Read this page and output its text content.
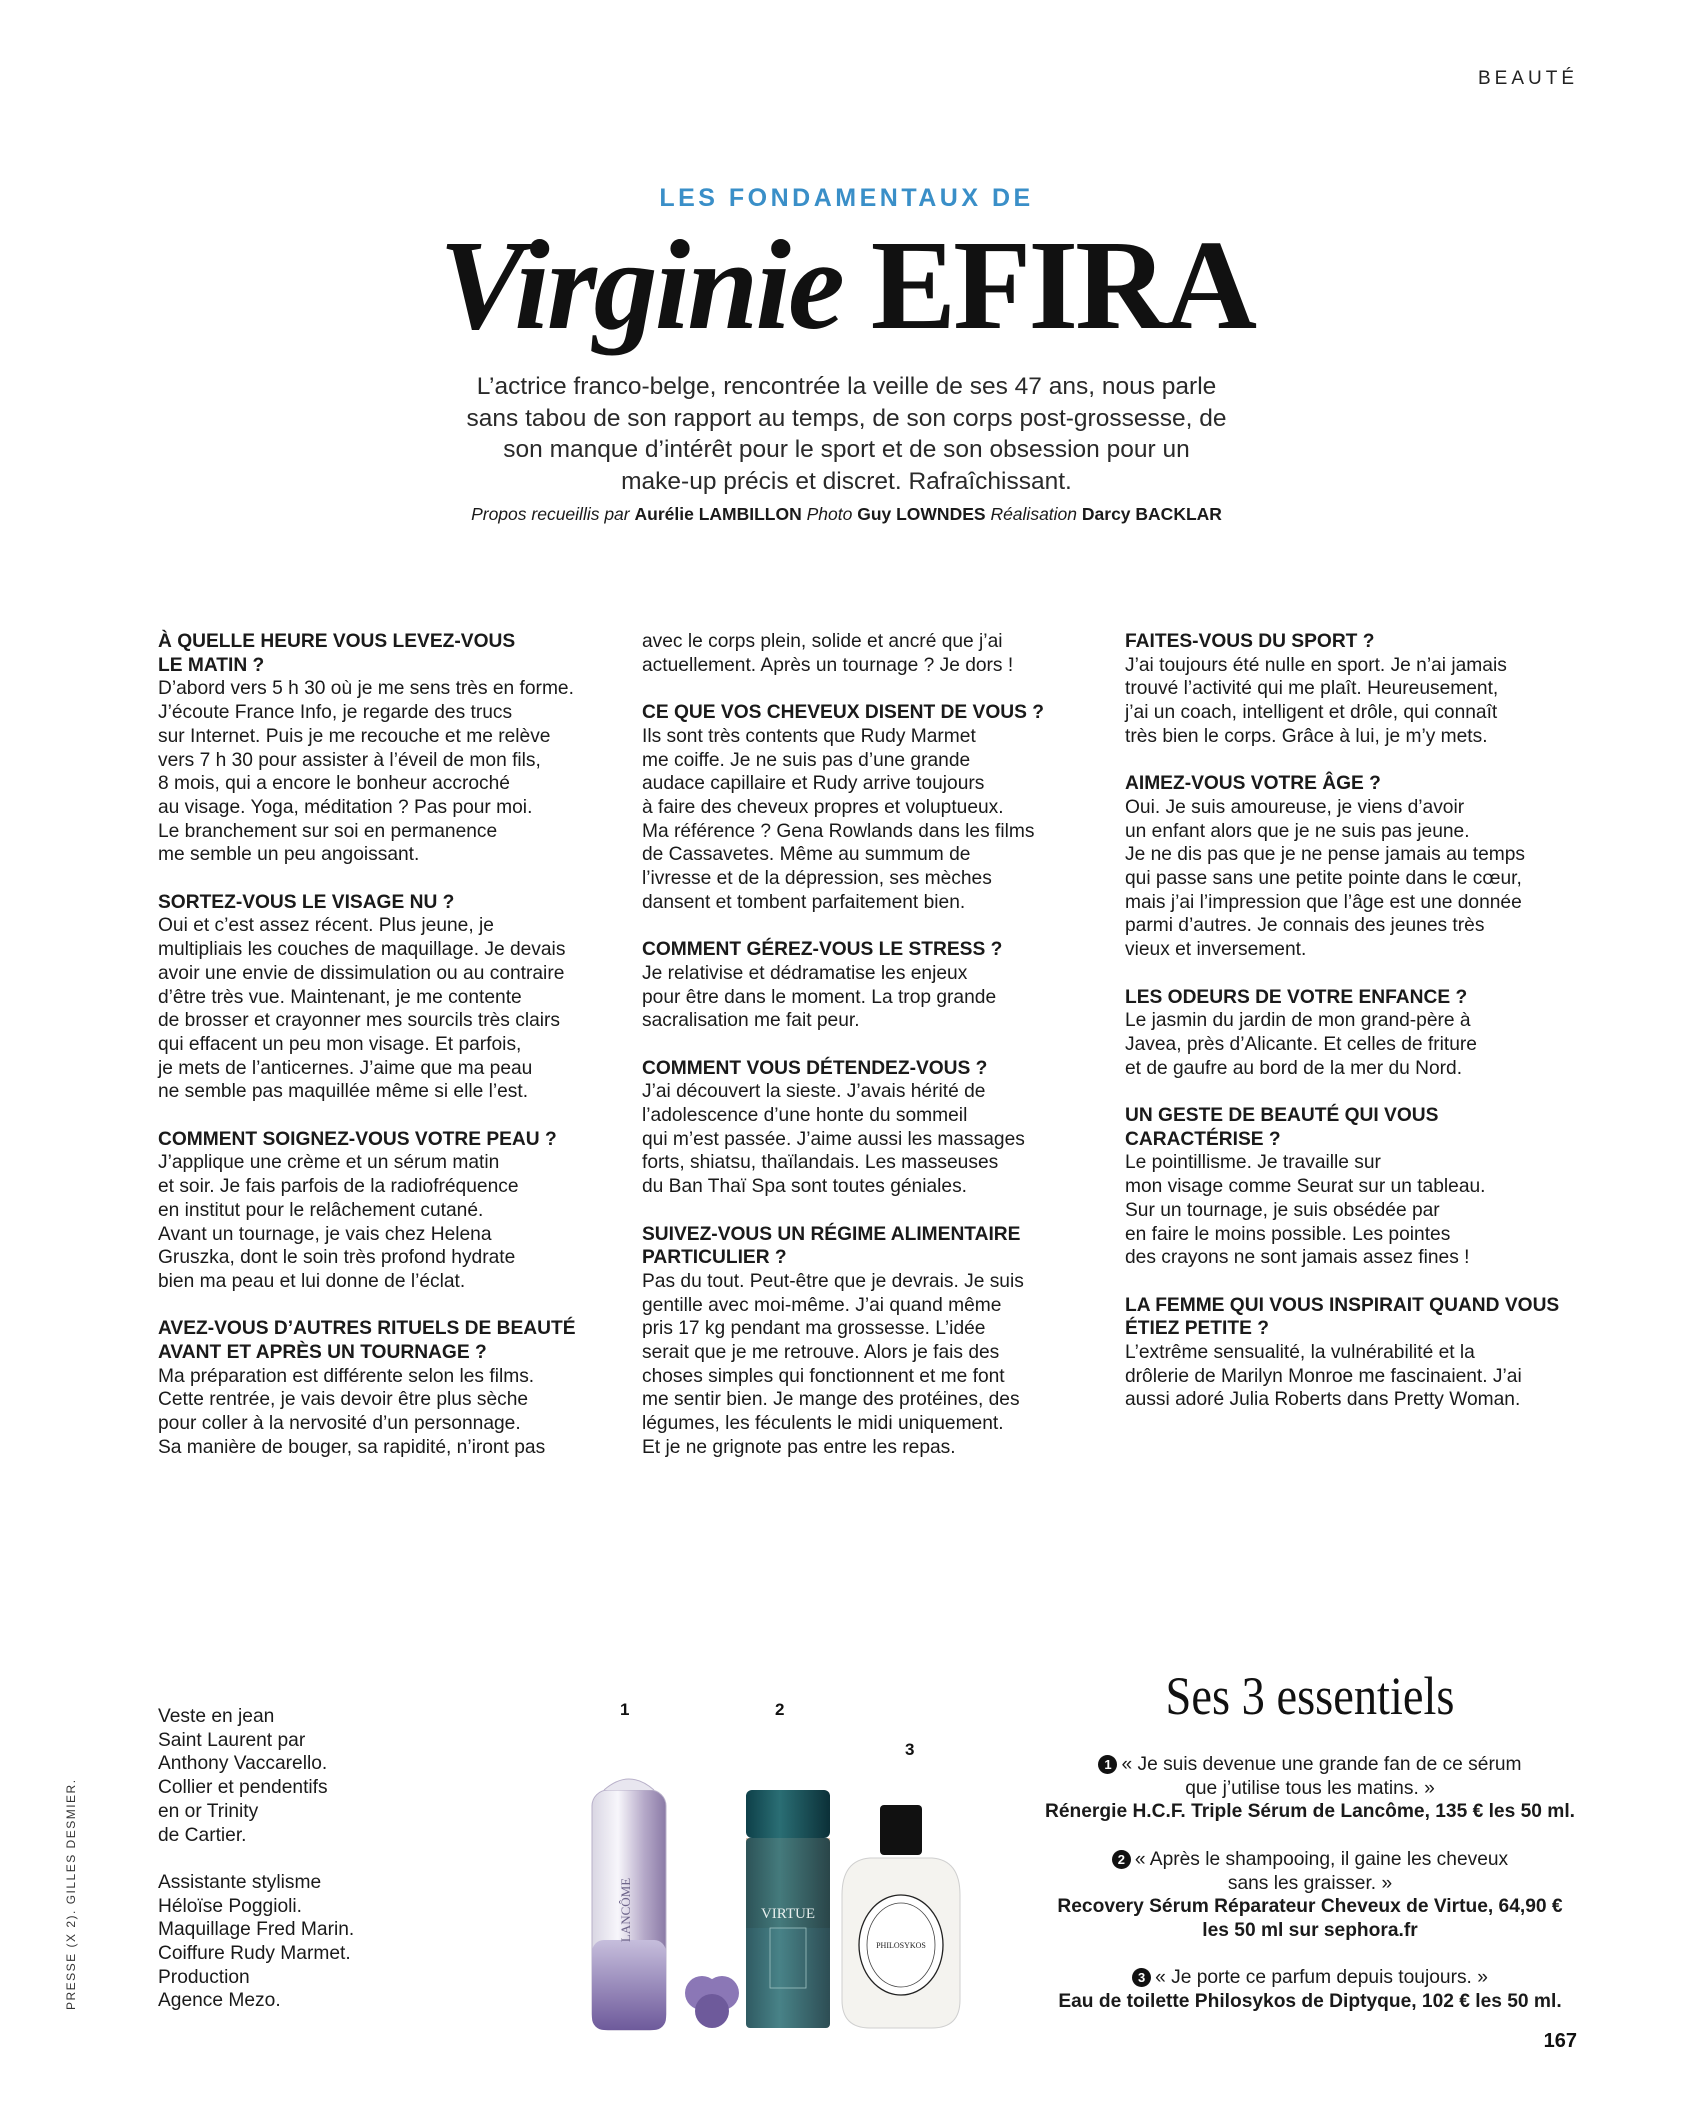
BEAUTÉ
LES FONDAMENTAUX DE
Virginie EFIRA

L’actrice franco-belge, rencontrée la veille de ses 47 ans, nous parle sans tabou de son rapport au temps, de son corps post-grossesse, de son manque d’intérêt pour le sport et de son obsession pour un make-up précis et discret. Rafraîchissant.

Propos recueillis par Aurélie LAMBILLON Photo Guy LOWNDES Réalisation Darcy BACKLAR
À QUELLE HEURE VOUS LEVEZ-VOUS
LE MATIN ?
D’abord vers 5 h 30 où je me sens très en forme.
J’écoute France Info, je regarde des trucs
sur Internet. Puis je me recouche et me relève
vers 7 h 30 pour assister à l’éveil de mon fils,
8 mois, qui a encore le bonheur accroché
au visage. Yoga, méditation ? Pas pour moi.
Le branchement sur soi en permanence
me semble un peu angoissant.
SORTEZ-VOUS LE VISAGE NU ?
Oui et c’est assez récent. Plus jeune, je
multipliais les couches de maquillage. Je devais
avoir une envie de dissimulation ou au contraire
d’être très vue. Maintenant, je me contente
de brosser et crayonner mes sourcils très clairs
qui effacent un peu mon visage. Et parfois,
je mets de l’anticernes. J’aime que ma peau
ne semble pas maquillée même si elle l’est.
COMMENT SOIGNEZ-VOUS VOTRE PEAU ?
J’applique une crème et un sérum matin
et soir. Je fais parfois de la radiofréquence
en institut pour le relâchement cutané.
Avant un tournage, je vais chez Helena
Gruszka, dont le soin très profond hydrate
bien ma peau et lui donne de l’éclat.
AVEZ-VOUS D’AUTRES RITUELS DE BEAUTÉ
AVANT ET APRÈS UN TOURNAGE ?
Ma préparation est différente selon les films.
Cette rentrée, je vais devoir être plus sèche
pour coller à la nervosité d’un personnage.
Sa manière de bouger, sa rapidité, n’iront pas
avec le corps plein, solide et ancré que j’ai
actuellement. Après un tournage ? Je dors !
CE QUE VOS CHEVEUX DISENT DE VOUS ?
Ils sont très contents que Rudy Marmet
me coiffe. Je ne suis pas d’une grande
audace capillaire et Rudy arrive toujours
à faire des cheveux propres et voluptueux.
Ma référence ? Gena Rowlands dans les films
de Cassavetes. Même au summum de
l’ivresse et de la dépression, ses mèches
dansent et tombent parfaitement bien.
COMMENT GÉREZ-VOUS LE STRESS ?
Je relativise et dédramatise les enjeux
pour être dans le moment. La trop grande
sacralisation me fait peur.
COMMENT VOUS DÉTENDEZ-VOUS ?
J’ai découvert la sieste. J’avais hérité de
l’adolescence d’une honte du sommeil
qui m’est passée. J’aime aussi les massages
forts, shiatsu, thaïlandais. Les masseuses
du Ban Thaï Spa sont toutes géniales.
SUIVEZ-VOUS UN RÉGIME ALIMENTAIRE
PARTICULIER ?
Pas du tout. Peut-être que je devrais. Je suis
gentille avec moi-même. J’ai quand même
pris 17 kg pendant ma grossesse. L’idée
serait que je me retrouve. Alors je fais des
choses simples qui fonctionnent et me font
me sentir bien. Je mange des protéines, des
légumes, les féculents le midi uniquement.
Et je ne grignote pas entre les repas.
FAITES-VOUS DU SPORT ?
J’ai toujours été nulle en sport. Je n’ai jamais
trouvé l’activité qui me plaît. Heureusement,
j’ai un coach, intelligent et drôle, qui connaît
très bien le corps. Grâce à lui, je m’y mets.
AIMEZ-VOUS VOTRE ÂGE ?
Oui. Je suis amoureuse, je viens d’avoir
un enfant alors que je ne suis pas jeune.
Je ne dis pas que je ne pense jamais au temps
qui passe sans une petite pointe dans le cœur,
mais j’ai l’impression que l’âge est une donnée
parmi d’autres. Je connais des jeunes très
vieux et inversement.
LES ODEURS DE VOTRE ENFANCE ?
Le jasmin du jardin de mon grand-père à
Javea, près d’Alicante. Et celles de friture
et de gaufre au bord de la mer du Nord.
UN GESTE DE BEAUTÉ QUI VOUS
CARACTÉRISE ?
Le pointillisme. Je travaille sur
mon visage comme Seurat sur un tableau.
Sur un tournage, je suis obsédée par
en faire le moins possible. Les pointes
des crayons ne sont jamais assez fines !
LA FEMME QUI VOUS INSPIRAIT QUAND VOUS
ÉTIEZ PETITE ?
L’extrême sensualité, la vulnérabilité et la
drôlerie de Marilyn Monroe me fascinaient. J’ai
aussi adoré Julia Roberts dans Pretty Woman.
Veste en jean
Saint Laurent par
Anthony Vaccarello.
Collier et pendentifs
en or Trinity
de Cartier.

Assistante stylisme
Héloïse Poggioli.
Maquillage Fred Marin.
Coiffure Rudy Marmet.
Production
Agence Mezo.
PRESSE (X 2). GILLES DESMIER.
1	2
3
LANCÔME	VIRTUE
PHILOSYKOS
Ses 3 essentiels
1 « Je suis devenue une grande fan de ce sérum
que j’utilise tous les matins. »
Rénergie H.C.F. Triple Sérum de Lancôme, 135 € les 50 ml.
2 « Après le shampooing, il gaine les cheveux
sans les graisser. »
Recovery Sérum Réparateur Cheveux de Virtue, 64,90 €
les 50 ml sur sephora.fr
3 « Je porte ce parfum depuis toujours. »
Eau de toilette Philosykos de Diptyque, 102 € les 50 ml.
167
